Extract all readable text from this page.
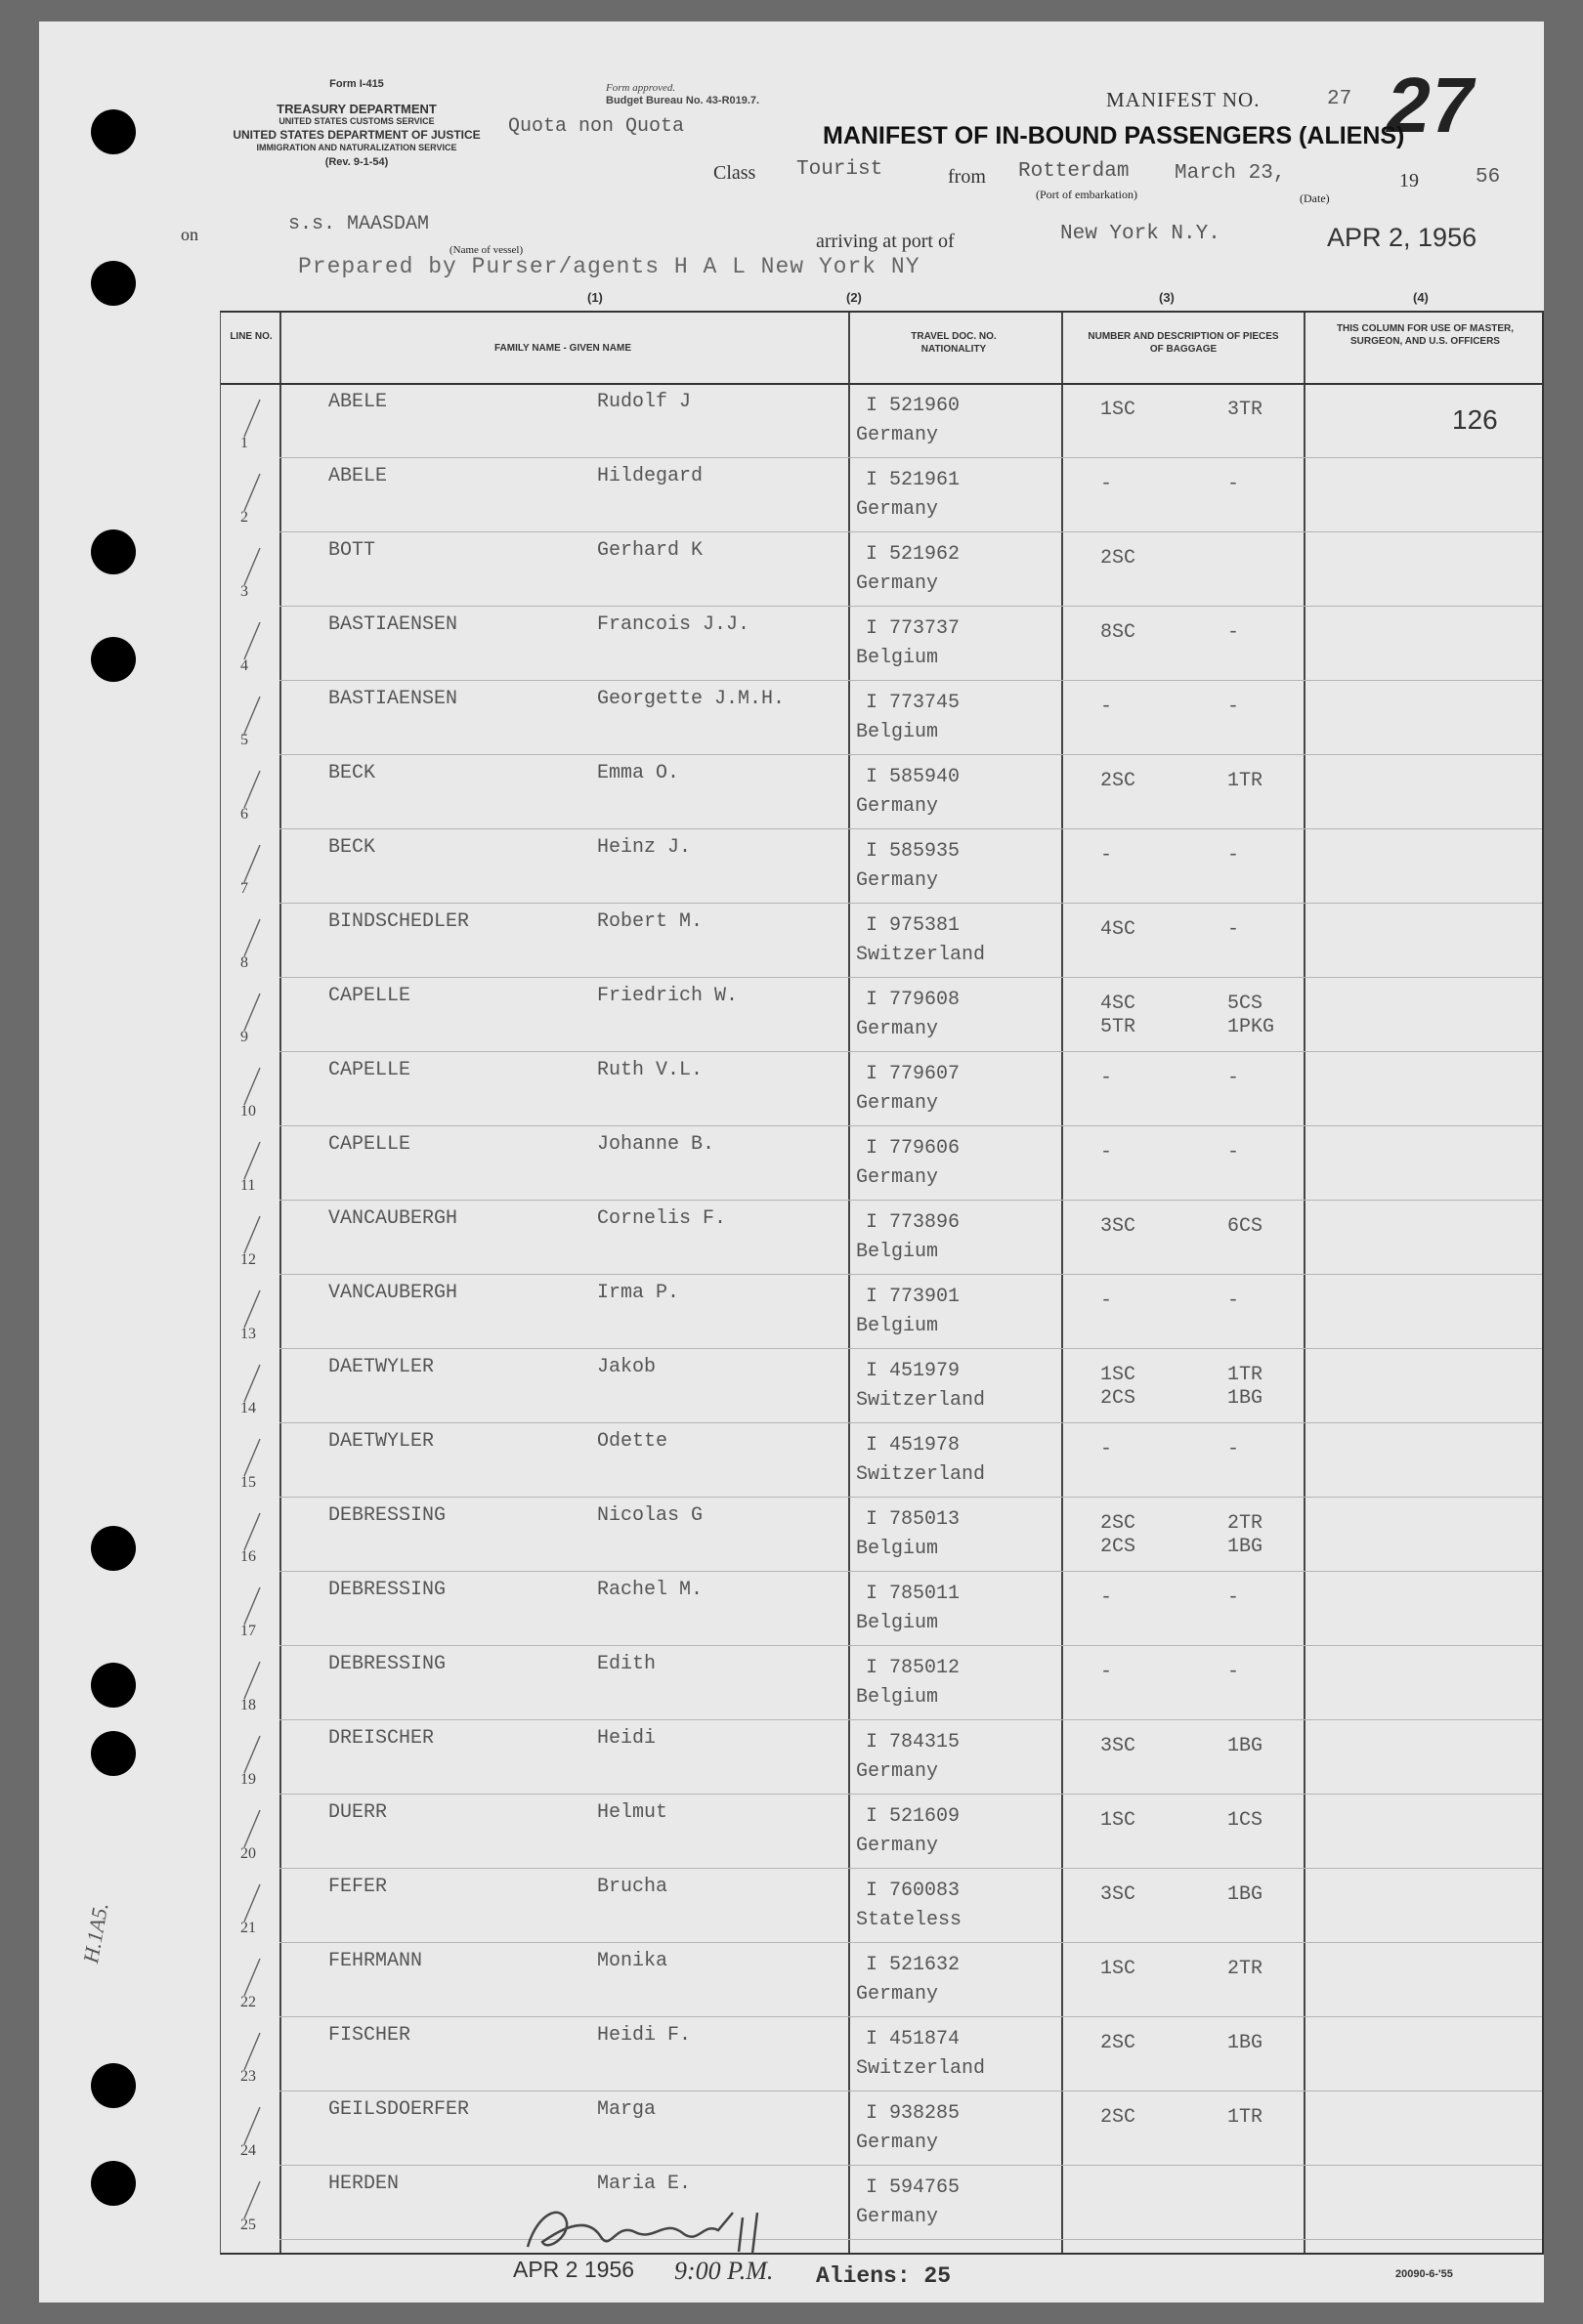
Form I-415
TREASURY DEPARTMENT
UNITED STATES CUSTOMS SERVICE
UNITED STATES DEPARTMENT OF JUSTICE
IMMIGRATION AND NATURALIZATION SERVICE
(Rev. 9-1-54)
Form approved.
Budget Bureau No. 43-R019.7.
Quota non Quota
MANIFEST NO.	27 27
MANIFEST OF IN-BOUND PASSENGERS (ALIENS)
Class Tourist	from Rotterdam March 23,	19	56
(Port of embarkation)	(Date)
on	s.s. MAASDAM
(Name of vessel)	arriving at port of	New York N.Y.	APR 2, 1956
Prepared by Purser/agents H A L New York NY
(1)	(2)	(3)	(4)
LINE NO.
FAMILY NAME - GIVEN NAME
TRAVEL DOC. NO. NATIONALITY
NUMBER AND DESCRIPTION OF PIECES OF BAGGAGE
THIS COLUMN FOR USE OF MASTER, SURGEON, AND U.S. OFFICERS
1
ABELE	Rudolf J	I 521960
Germany
1SC	3TR	126
2
ABELE	Hildegard	I 521961
Germany
-	-
3
BOTT	Gerhard K	I 521962
Germany
2SC
4
BASTIAENSEN	Francois J.J.	I 773737
Belgium
8SC	-
5
BASTIAENSEN	Georgette J.M.H.	I 773745
Belgium
-	-
6
BECK	Emma O.	I 585940
Germany
2SC	1TR
7
BECK	Heinz J.	I 585935
Germany
-	-
8
BINDSCHEDLER	Robert M.	I 975381
Switzerland
4SC	-
9
CAPELLE	Friedrich W.	I 779608
Germany
4SC	5CS
5TR	1PKG
10
CAPELLE	Ruth V.L.	I 779607
Germany
-	-
11
CAPELLE	Johanne B.	I 779606
Germany
-	-
12
VANCAUBERGH	Cornelis F.	I 773896
Belgium
3SC	6CS
13
VANCAUBERGH	Irma P.	I 773901
Belgium
-	-
14
DAETWYLER	Jakob	I 451979
Switzerland
1SC	1TR
2CS	1BG
15
DAETWYLER	Odette	I 451978
Switzerland
-	-
16
DEBRESSING	Nicolas G	I 785013
Belgium
2SC	2TR
2CS	1BG
17
DEBRESSING	Rachel M.	I 785011
Belgium
-	-
18
DEBRESSING	Edith	I 785012
Belgium
-	-
19
DREISCHER	Heidi	I 784315
Germany
3SC	1BG
20
DUERR	Helmut	I 521609
Germany
1SC	1CS
21
FEFER	Brucha	I 760083
Stateless
3SC	1BG
22
FEHRMANN	Monika	I 521632
Germany
1SC	2TR
23
FISCHER	Heidi F.	I 451874
Switzerland
2SC	1BG
24
GEILSDOERFER	Marga	I 938285
Germany
2SC	1TR
25
HERDEN	Maria E.	I 594765
Germany
H.1A5.
APR 2 1956 9:00 P.M. Aliens: 25	20090-6-'55
